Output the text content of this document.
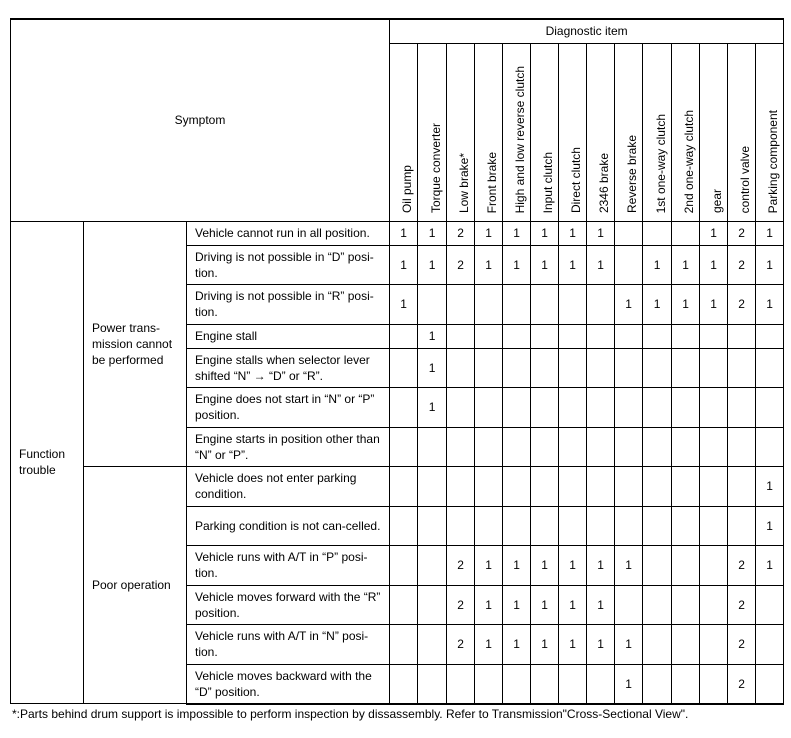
Symptom			Diagnostic item													
			Oil pump	Torque converter	Low brake*	Front brake	High and low reverse clutch	Input clutch	Direct clutch	2346 brake	Reverse brake	1st one-way clutch	2nd one-way clutch	gear	control valve	Parking component
Function trouble	Power trans-mission cannot be performed	Vehicle cannot run in all position.	1	1	2	1	1	1	1	1				1	2	1
		Driving is not possible in “D” posi-tion.	1	1	2	1	1	1	1	1		1	1	1	2	1
		Driving is not possible in “R” posi-tion.	1								1	1	1	1	2	1
		Engine stall		1												
		Engine stalls when selector lever shifted “N” → “D” or “R”.		1												
		Engine does not start in “N” or “P” position.		1												
		Engine starts in position other than “N” or “P”.														
	Poor operation	Vehicle does not enter parking condition.														1
		Parking condition is not can-celled.														1
		Vehicle runs with A/T in “P” posi-tion.			2	1	1	1	1	1	1				2	1
		Vehicle moves forward with the “R” position.			2	1	1	1	1	1					2	
		Vehicle runs with A/T in “N” posi-tion.			2	1	1	1	1	1	1				2	
		Vehicle moves backward with the “D” position.									1				2	
*:Parts behind drum support is impossible to perform inspection by dissassembly. Refer to Transmission"Cross-Sectional View".
